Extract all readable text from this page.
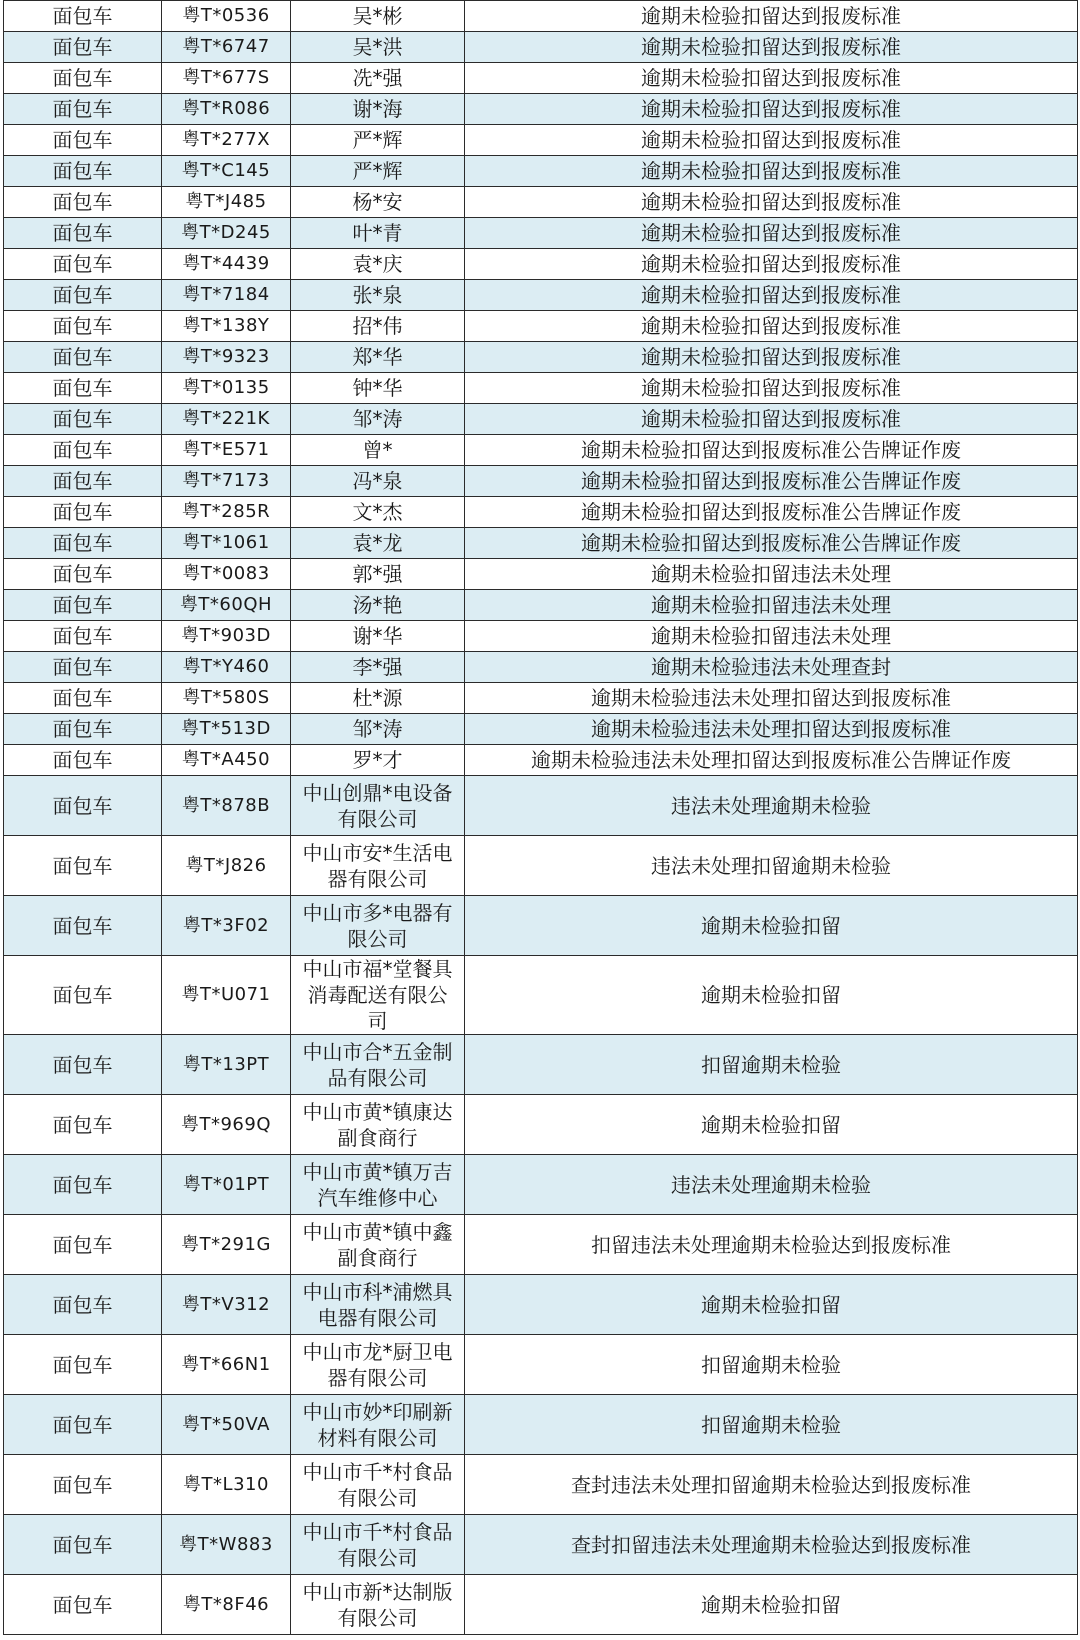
面包车	粤T*0536	吴*彬	逾期未检验扣留达到报废标准
面包车	粤T*6747	吴*洪	逾期未检验扣留达到报废标准
面包车	粤T*677S	冼*强	逾期未检验扣留达到报废标准
面包车	粤T*R086	谢*海	逾期未检验扣留达到报废标准
面包车	粤T*277X	严*辉	逾期未检验扣留达到报废标准
面包车	粤T*C145	严*辉	逾期未检验扣留达到报废标准
面包车	粤T*J485	杨*安	逾期未检验扣留达到报废标准
面包车	粤T*D245	叶*青	逾期未检验扣留达到报废标准
面包车	粤T*4439	袁*庆	逾期未检验扣留达到报废标准
面包车	粤T*7184	张*泉	逾期未检验扣留达到报废标准
面包车	粤T*138Y	招*伟	逾期未检验扣留达到报废标准
面包车	粤T*9323	郑*华	逾期未检验扣留达到报废标准
面包车	粤T*0135	钟*华	逾期未检验扣留达到报废标准
面包车	粤T*221K	邹*涛	逾期未检验扣留达到报废标准
面包车	粤T*E571	曾*	逾期未检验扣留达到报废标准公告牌证作废
面包车	粤T*7173	冯*泉	逾期未检验扣留达到报废标准公告牌证作废
面包车	粤T*285R	文*杰	逾期未检验扣留达到报废标准公告牌证作废
面包车	粤T*1061	袁*龙	逾期未检验扣留达到报废标准公告牌证作废
面包车	粤T*0083	郭*强	逾期未检验扣留违法未处理
面包车	粤T*60QH	汤*艳	逾期未检验扣留违法未处理
面包车	粤T*903D	谢*华	逾期未检验扣留违法未处理
面包车	粤T*Y460	李*强	逾期未检验违法未处理查封
面包车	粤T*580S	杜*源	逾期未检验违法未处理扣留达到报废标准
面包车	粤T*513D	邹*涛	逾期未检验违法未处理扣留达到报废标准
面包车	粤T*A450	罗*才	逾期未检验违法未处理扣留达到报废标准公告牌证作废
面包车	粤T*878B	中山创鼎*电设备有限公司	违法未处理逾期未检验
面包车	粤T*J826	中山市安*生活电器有限公司	违法未处理扣留逾期未检验
面包车	粤T*3F02	中山市多*电器有限公司	逾期未检验扣留
面包车	粤T*U071	中山市福*堂餐具消毒配送有限公司	逾期未检验扣留
面包车	粤T*13PT	中山市合*五金制品有限公司	扣留逾期未检验
面包车	粤T*969Q	中山市黄*镇康达副食商行	逾期未检验扣留
面包车	粤T*01PT	中山市黄*镇万吉汽车维修中心	违法未处理逾期未检验
面包车	粤T*291G	中山市黄*镇中鑫副食商行	扣留违法未处理逾期未检验达到报废标准
面包车	粤T*V312	中山市科*浦燃具电器有限公司	逾期未检验扣留
面包车	粤T*66N1	中山市龙*厨卫电器有限公司	扣留逾期未检验
面包车	粤T*50VA	中山市妙*印刷新材料有限公司	扣留逾期未检验
面包车	粤T*L310	中山市千*村食品有限公司	查封违法未处理扣留逾期未检验达到报废标准
面包车	粤T*W883	中山市千*村食品有限公司	查封扣留违法未处理逾期未检验达到报废标准
面包车	粤T*8F46	中山市新*达制版有限公司	逾期未检验扣留
